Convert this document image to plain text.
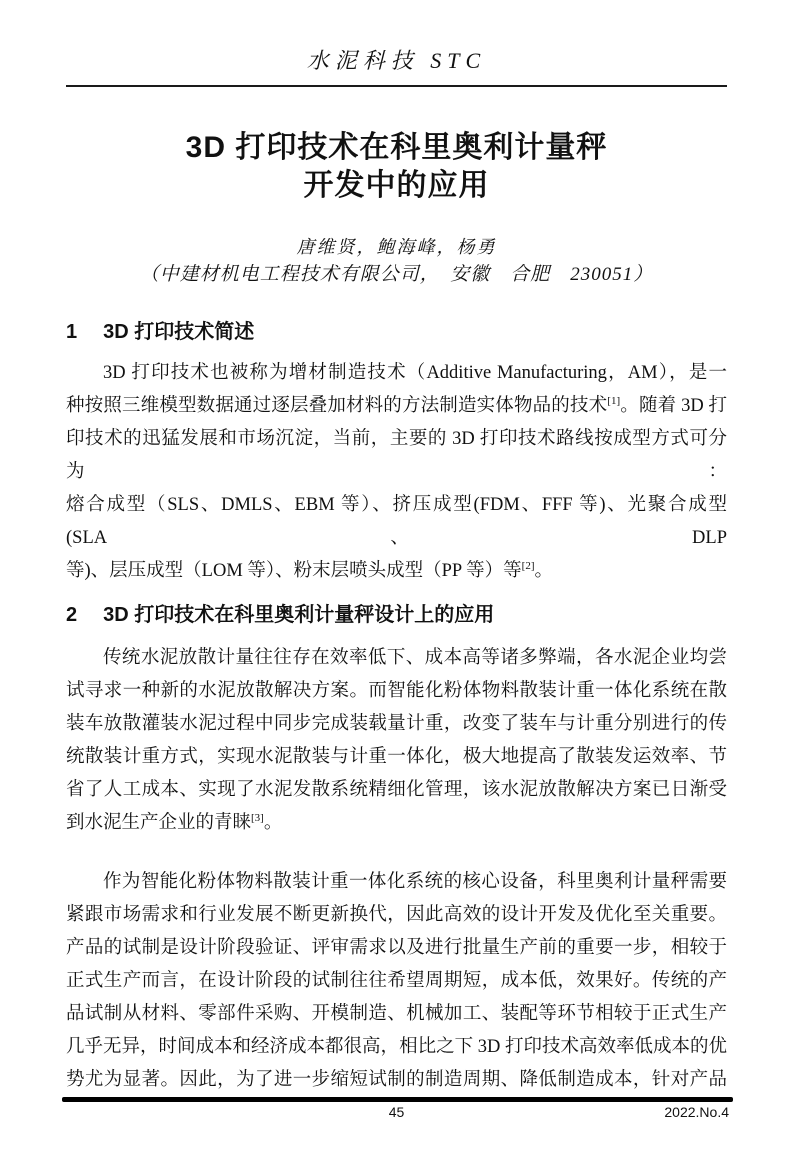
水泥科技 STC
3D 打印技术在科里奥利计量秤
开发中的应用
唐维贤，鲍海峰，杨勇
（中建材机电工程技术有限公司，　安徽　合肥　230051）
1 3D 打印技术简述
3D 打印技术也被称为增材制造技术（Additive Manufacturing，AM），是一
种按照三维模型数据通过逐层叠加材料的方法制造实体物品的技术[1]。随着 3D 打
印技术的迅猛发展和市场沉淀，当前，主要的 3D 打印技术路线按成型方式可分为：
熔合成型（SLS、DMLS、EBM 等）、挤压成型(FDM、FFF 等)、光聚合成型(SLA、DLP
等)、层压成型（LOM 等）、粉末层喷头成型（PP 等）等[2]。
2 3D 打印技术在科里奥利计量秤设计上的应用
传统水泥放散计量往往存在效率低下、成本高等诸多弊端，各水泥企业均尝
试寻求一种新的水泥放散解决方案。而智能化粉体物料散装计重一体化系统在散
装车放散灌装水泥过程中同步完成装载量计重，改变了装车与计重分别进行的传
统散装计重方式，实现水泥散装与计重一体化，极大地提高了散装发运效率、节
省了人工成本、实现了水泥发散系统精细化管理，该水泥放散解决方案已日渐受
到水泥生产企业的青睐[3]。
作为智能化粉体物料散装计重一体化系统的核心设备，科里奥利计量秤需要
紧跟市场需求和行业发展不断更新换代，因此高效的设计开发及优化至关重要。
产品的试制是设计阶段验证、评审需求以及进行批量生产前的重要一步，相较于
正式生产而言，在设计阶段的试制往往希望周期短，成本低，效果好。传统的产
品试制从材料、零部件采购、开模制造、机械加工、装配等环节相较于正式生产
几乎无异，时间成本和经济成本都很高，相比之下 3D 打印技术高效率低成本的优
势尤为显著。因此，为了进一步缩短试制的制造周期、降低制造成本，针对产品
45	2022.No.4
